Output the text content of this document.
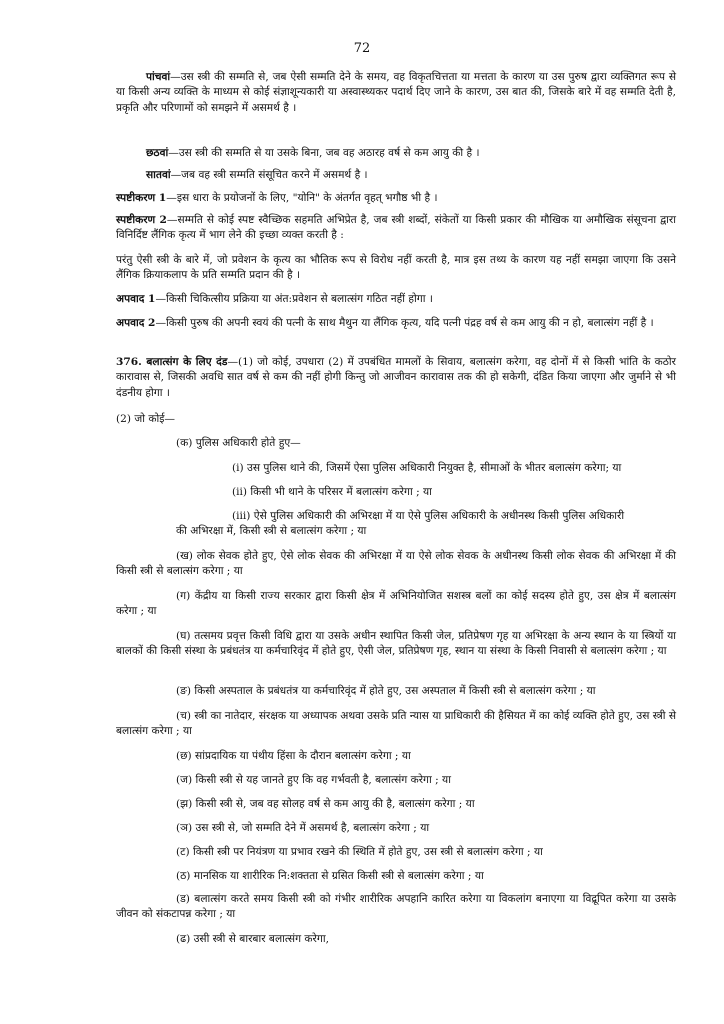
72

पांचवां—उस स्त्री की सम्मति से, जब ऐसी सम्मति देने के समय, वह विकृतचित्तता या मत्तता के कारण या उस पुरुष द्वारा व्यक्तिगत रूप से या किसी अन्य व्यक्ति के माध्यम से कोई संज्ञाशून्यकारी या अस्वास्थ्यकर पदार्थ दिए जाने के कारण, उस बात की, जिसके बारे में वह सम्मति देती है, प्रकृति और परिणामों को समझने में असमर्थ है ।

छठवां—उस स्त्री की सम्मति से या उसके बिना, जब वह अठारह वर्ष से कम आयु की है ।

सातवां—जब वह स्त्री सम्मति संसूचित करने में असमर्थ है ।

स्पष्टीकरण 1—इस धारा के प्रयोजनों के लिए, "योनि" के अंतर्गत वृहत् भगौष्ठ भी है ।

स्पष्टीकरण 2—सम्मति से कोई स्पष्ट स्वैच्छिक सहमति अभिप्रेत है, जब स्त्री शब्दों, संकेतों या किसी प्रकार की मौखिक या अमौखिक संसूचना द्वारा विनिर्दिष्ट लैंगिक कृत्य में भाग लेने की इच्छा व्यक्त करती है :

परंतु ऐसी स्त्री के बारे में, जो प्रवेशन के कृत्य का भौतिक रूप से विरोध नहीं करती है, मात्र इस तथ्य के कारण यह नहीं समझा जाएगा कि उसने लैंगिक क्रियाकलाप के प्रति सम्मति प्रदान की है ।

अपवाद 1—किसी चिकित्सीय प्रक्रिया या अंत:प्रवेशन से बलात्संग गठित नहीं होगा ।

अपवाद 2—किसी पुरुष की अपनी स्वयं की पत्नी के साथ मैथुन या लैंगिक कृत्य, यदि पत्नी पंद्रह वर्ष से कम आयु की न हो, बलात्संग नहीं है ।

376. बलात्संग के लिए दंड—(1) जो कोई, उपधारा (2) में उपबंधित मामलों के सिवाय, बलात्संग करेगा, वह दोनों में से किसी भांति के कठोर कारावास से, जिसकी अवधि सात वर्ष से कम की नहीं होगी किन्तु जो आजीवन कारावास तक की हो सकेगी, दंडित किया जाएगा और जुर्माने से भी दंडनीय होगा ।

(2) जो कोई—

(क) पुलिस अधिकारी होते हुए—

(i) उस पुलिस थाने की, जिसमें ऐसा पुलिस अधिकारी नियुक्त है, सीमाओं के भीतर बलात्संग करेगा; या

(ii) किसी भी थाने के परिसर में बलात्संग करेगा ; या

(iii) ऐसे पुलिस अधिकारी की अभिरक्षा में या ऐसे पुलिस अधिकारी के अधीनस्थ किसी पुलिस अधिकारी

की अभिरक्षा में, किसी स्त्री से बलात्संग करेगा ; या

(ख) लोक सेवक होते हुए, ऐसे लोक सेवक की अभिरक्षा में या ऐसे लोक सेवक के अधीनस्थ किसी लोक सेवक की अभिरक्षा में की किसी स्त्री से बलात्संग करेगा ; या

(ग) केंद्रीय या किसी राज्य सरकार द्वारा किसी क्षेत्र में अभिनियोजित सशस्त्र बलों का कोई सदस्य होते हुए, उस क्षेत्र में बलात्संग करेगा ; या

(घ) तत्समय प्रवृत्त किसी विधि द्वारा या उसके अधीन स्थापित किसी जेल, प्रतिप्रेषण गृह या अभिरक्षा के अन्य स्थान के या स्त्रियों या बालकों की किसी संस्था के प्रबंधतंत्र या कर्मचारिवृंद में होते हुए, ऐसी जेल, प्रतिप्रेषण गृह, स्थान या संस्था के किसी निवासी से बलात्संग करेगा ; या

(ङ) किसी अस्पताल के प्रबंधतंत्र या कर्मचारिवृंद में होते हुए, उस अस्पताल में किसी स्त्री से बलात्संग करेगा ; या

(च) स्त्री का नातेदार, संरक्षक या अध्यापक अथवा उसके प्रति न्यास या प्राधिकारी की हैसियत में का कोई व्यक्ति होते हुए, उस स्त्री से बलात्संग करेगा ; या

(छ) सांप्रदायिक या पंथीय हिंसा के दौरान बलात्संग करेगा ; या

(ज) किसी स्त्री से यह जानते हुए कि वह गर्भवती है, बलात्संग करेगा ; या

(झ) किसी स्त्री से, जब वह सोलह वर्ष से कम आयु की है, बलात्संग करेगा ; या

(ञ) उस स्त्री से, जो सम्मति देने में असमर्थ है, बलात्संग करेगा ; या

(ट) किसी स्त्री पर नियंत्रण या प्रभाव रखने की स्थिति में होते हुए, उस स्त्री से बलात्संग करेगा ; या

(ठ) मानसिक या शारीरिक नि:शक्तता से ग्रसित किसी स्त्री से बलात्संग करेगा ; या

(ड) बलात्संग करते समय किसी स्त्री को गंभीर शारीरिक अपहानि कारित करेगा या विकलांग बनाएगा या विद्रूपित करेगा या उसके जीवन को संकटापन्न करेगा ; या

(ढ) उसी स्त्री से बारबार बलात्संग करेगा,
